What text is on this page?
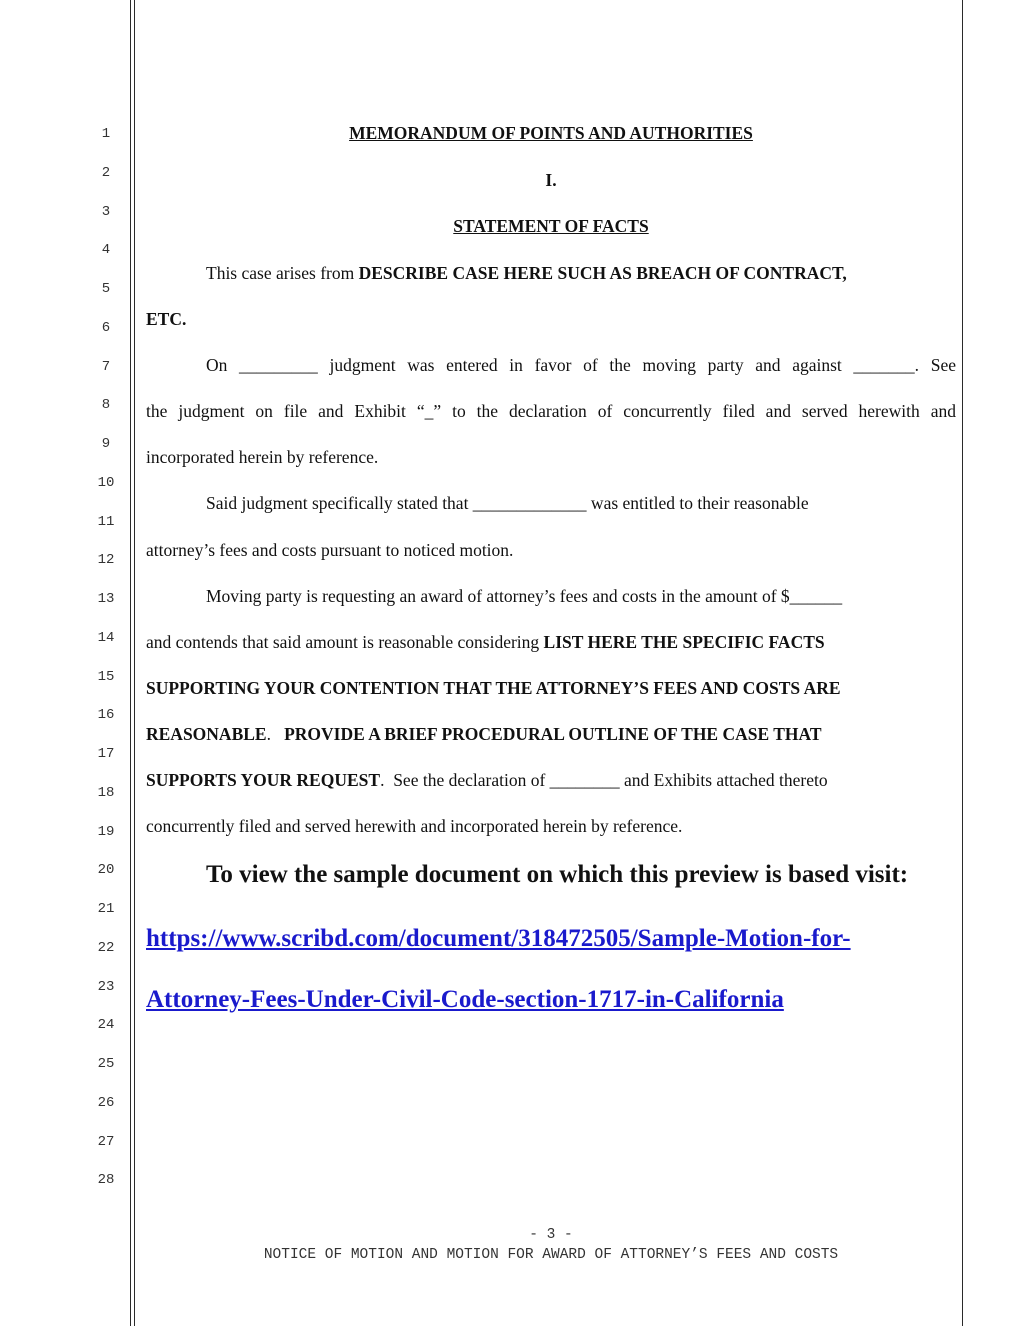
1
2
3
4
5
6
7
8
9
10
11
12
13
14
15
16
17
18
19
20
21
22
23
24
25
26
27
28
MEMORANDUM OF POINTS AND AUTHORITIES
I.
STATEMENT OF FACTS
This case arises from DESCRIBE CASE HERE SUCH AS BREACH OF CONTRACT,
ETC.
On _________ judgment was entered in favor of the moving party and against _______. See
the judgment on file and Exhibit “_” to the declaration of concurrently filed and served herewith and
incorporated herein by reference.
Said judgment specifically stated that _____________ was entitled to their reasonable
attorney’s fees and costs pursuant to noticed motion.
Moving party is requesting an award of attorney’s fees and costs in the amount of $______
and contends that said amount is reasonable considering LIST HERE THE SPECIFIC FACTS
SUPPORTING YOUR CONTENTION THAT THE ATTORNEY’S FEES AND COSTS ARE
REASONABLE.   PROVIDE A BRIEF PROCEDURAL OUTLINE OF THE CASE THAT
SUPPORTS YOUR REQUEST.  See the declaration of ________ and Exhibits attached thereto
concurrently filed and served herewith and incorporated herein by reference.
To view the sample document on which this preview is based visit:
https://www.scribd.com/document/318472505/Sample-Motion-for-
Attorney-Fees-Under-Civil-Code-section-1717-in-California
- 3 -
NOTICE OF MOTION AND MOTION FOR AWARD OF ATTORNEY’S FEES AND COSTS
